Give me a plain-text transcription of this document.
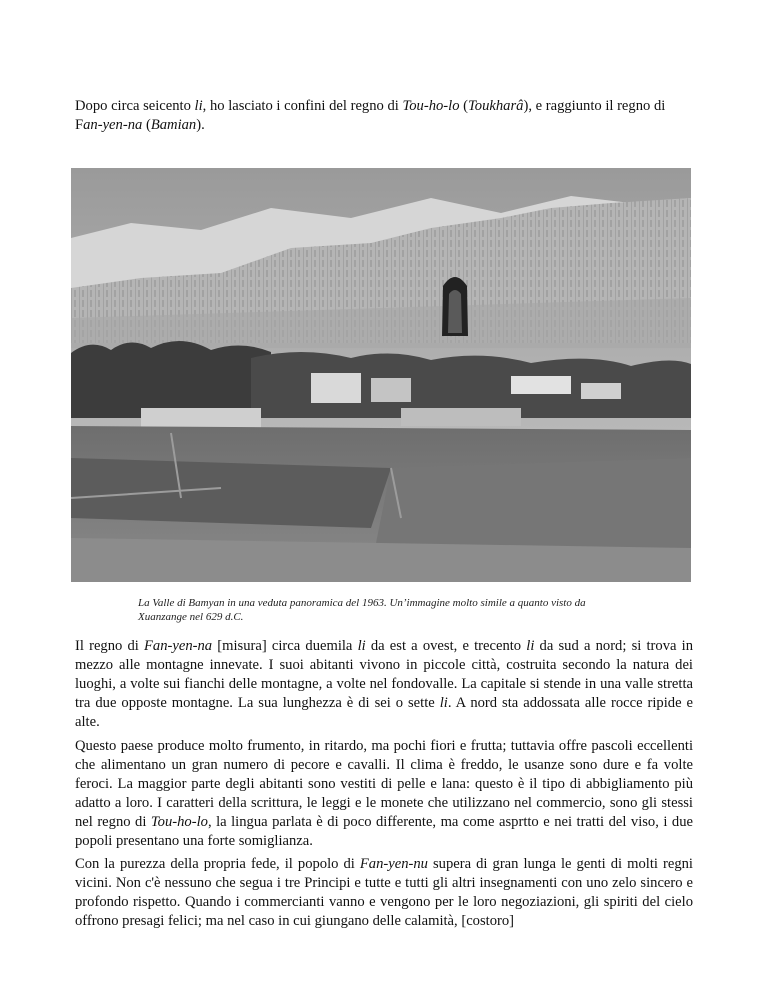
Dopo circa seicento li, ho lasciato i confini del regno di Tou-ho-lo (Toukharâ), e raggiunto il regno di Fan-yen-na (Bamian).

La Valle di Bamyan in una veduta panoramica del 1963. Un’immagine molto simile a quanto visto da Xuanzange nel 629 d.C.

Il regno di Fan-yen-na [misura] circa duemila li da est a ovest, e trecento li da sud a nord; si trova in mezzo alle montagne innevate. I suoi abitanti vivono in piccole città, costruita secondo la natura dei luoghi, a volte sui fianchi delle montagne, a volte nel fondovalle. La capitale si stende in una valle stretta tra due opposte montagne. La sua lunghezza è di sei o sette li. A nord sta addossata alle rocce ripide e alte.

Questo paese produce molto frumento, in ritardo, ma pochi fiori e frutta; tuttavia offre pascoli eccellenti che alimentano un gran numero di pecore e cavalli. Il clima è freddo, le usanze sono dure e fa volte feroci. La maggior parte degli abitanti sono vestiti di pelle e lana: questo è il tipo di abbigliamento più adatto a loro. I caratteri della scrittura, le leggi e le monete che utilizzano nel commercio, sono gli stessi nel regno di Tou-ho-lo, la lingua parlata è di poco differente, ma come asprtto e nei tratti del viso, i due popoli presentano una forte somiglianza.

Con la purezza della propria fede, il popolo di Fan-yen-nu supera di gran lunga le genti di molti regni vicini. Non c'è nessuno che segua i tre Principi e tutte e tutti gli altri insegnamenti con uno zelo sincero e profondo rispetto. Quando i commercianti vanno e vengono per le loro negoziazioni, gli spiriti del cielo offrono presagi felici; ma nel caso in cui giungano delle calamità, [costoro]
